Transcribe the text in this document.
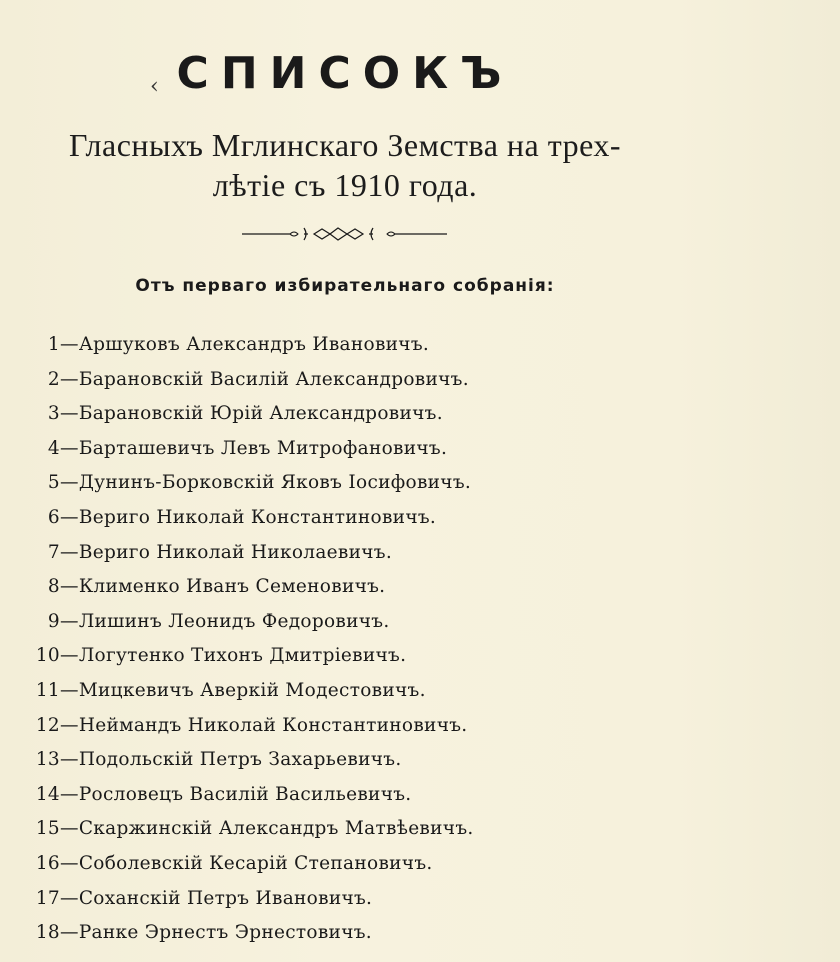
‹ СПИСОКЪ
Гласныхъ Мглинскаго Земства на трех-
лѣтіе съ 1910 года.
Отъ перваго избирательнаго собранія:
1—Аршуковъ Александръ Ивановичъ.
2—Барановскій Василій Александровичъ.
3—Барановскій Юрій Александровичъ.
4—Барташевичъ Левъ Митрофановичъ.
5—Дунинъ-Борковскій Яковъ Іосифовичъ.
6—Вериго Николай Константиновичъ.
7—Вериго Николай Николаевичъ.
8—Клименко Иванъ Семеновичъ.
9—Лишинъ Леонидъ Федоровичъ.
10—Логутенко Тихонъ Дмитріевичъ.
11—Мицкевичъ Аверкій Модестовичъ.
12—Неймандъ Николай Константиновичъ.
13—Подольскій Петръ Захарьевичъ.
14—Рословецъ Василій Васильевичъ.
15—Скаржинскій Александръ Матвѣевичъ.
16—Соболевскій Кесарій Степановичъ.
17—Соханскій Петръ Ивановичъ.
18—Ранке Эрнестъ Эрнестовичъ.
